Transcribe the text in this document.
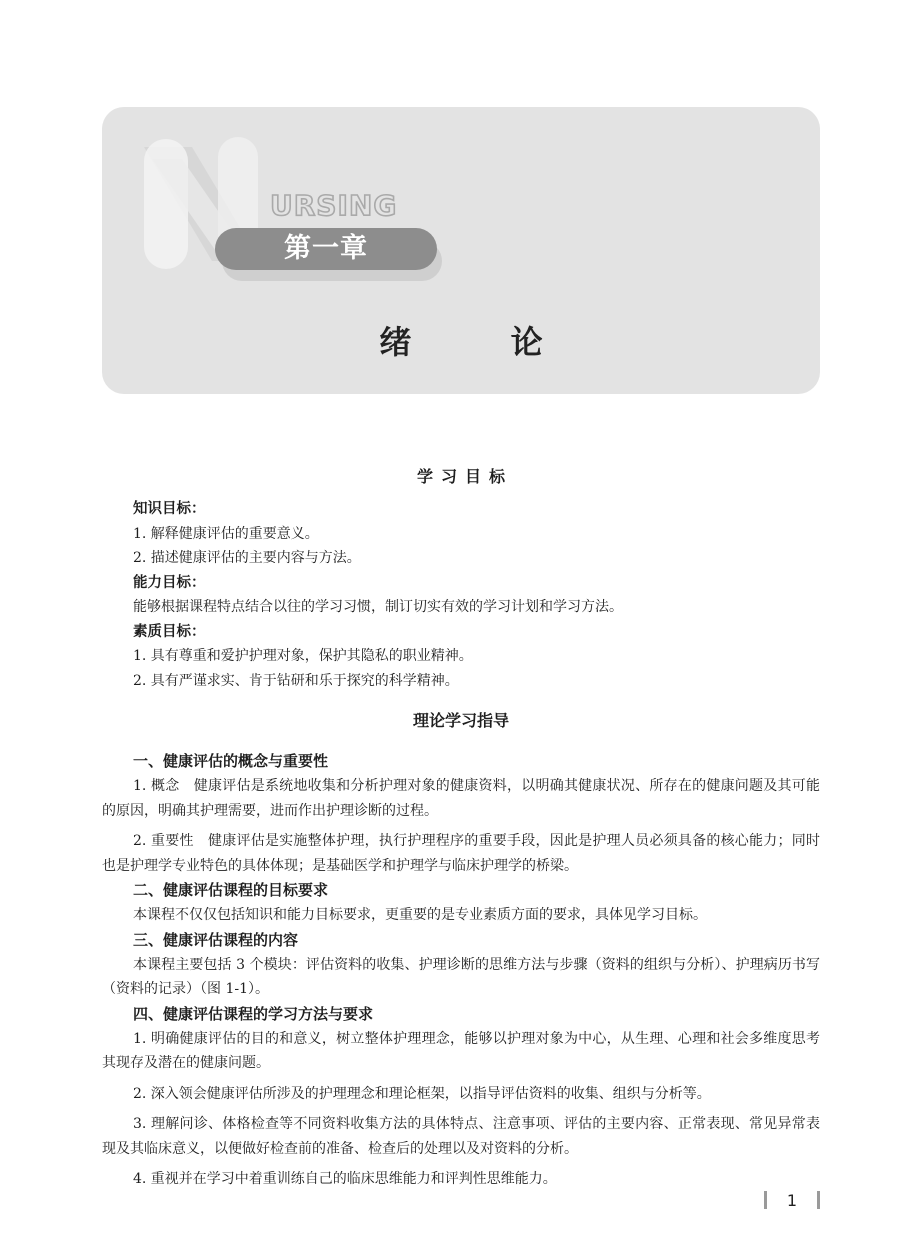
URSING
第一章
绪 论

学习目标

知识目标：

1. 解释健康评估的重要意义。

2. 描述健康评估的主要内容与方法。

能力目标：

能够根据课程特点结合以往的学习习惯，制订切实有效的学习计划和学习方法。

素质目标：

1. 具有尊重和爱护护理对象，保护其隐私的职业精神。

2. 具有严谨求实、肯于钻研和乐于探究的科学精神。

理论学习指导

一、健康评估的概念与重要性

1. 概念　健康评估是系统地收集和分析护理对象的健康资料，以明确其健康状况、所存在的健康问题及其可能的原因，明确其护理需要，进而作出护理诊断的过程。

2. 重要性　健康评估是实施整体护理，执行护理程序的重要手段，因此是护理人员必须具备的核心能力；同时也是护理学专业特色的具体体现；是基础医学和护理学与临床护理学的桥梁。

二、健康评估课程的目标要求

本课程不仅仅包括知识和能力目标要求，更重要的是专业素质方面的要求，具体见学习目标。

三、健康评估课程的内容

本课程主要包括 3 个模块：评估资料的收集、护理诊断的思维方法与步骤（资料的组织与分析）、护理病历书写（资料的记录）（图 1-1）。

四、健康评估课程的学习方法与要求

1. 明确健康评估的目的和意义，树立整体护理理念，能够以护理对象为中心，从生理、心理和社会多维度思考其现存及潜在的健康问题。

2. 深入领会健康评估所涉及的护理理念和理论框架，以指导评估资料的收集、组织与分析等。

3. 理解问诊、体格检查等不同资料收集方法的具体特点、注意事项、评估的主要内容、正常表现、常见异常表现及其临床意义，以便做好检查前的准备、检查后的处理以及对资料的分析。

4. 重视并在学习中着重训练自己的临床思维能力和评判性思维能力。

1
